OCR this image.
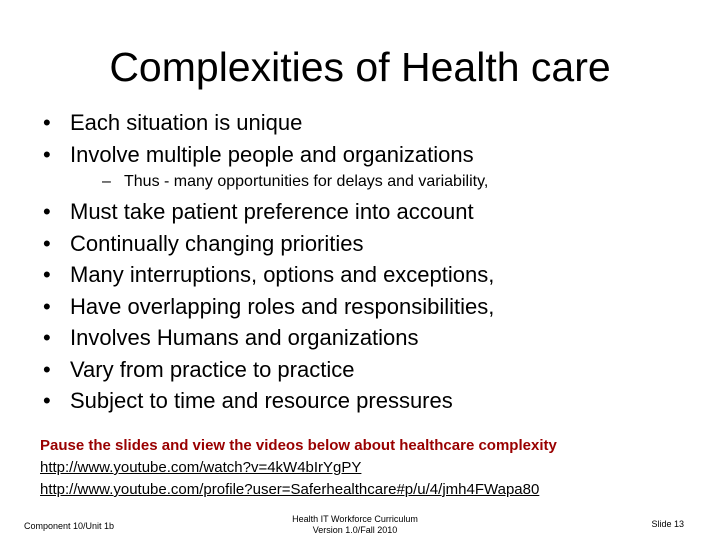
Complexities of Health care
• Each situation is unique
• Involve multiple people and organizations
– Thus - many opportunities for delays and variability,
• Must take patient preference into account
• Continually changing priorities
• Many interruptions, options and exceptions,
• Have overlapping roles and responsibilities,
• Involves Humans and organizations
• Vary from practice to practice
• Subject to time and resource pressures
Pause the slides and view the videos below about healthcare complexity
http://www.youtube.com/watch?v=4kW4bIrYgPY
http://www.youtube.com/profile?user=Saferhealthcare#p/u/4/jmh4FWapa80
Component 10/Unit 1b
Health IT Workforce Curriculum
Version 1.0/Fall 2010
Slide 13
